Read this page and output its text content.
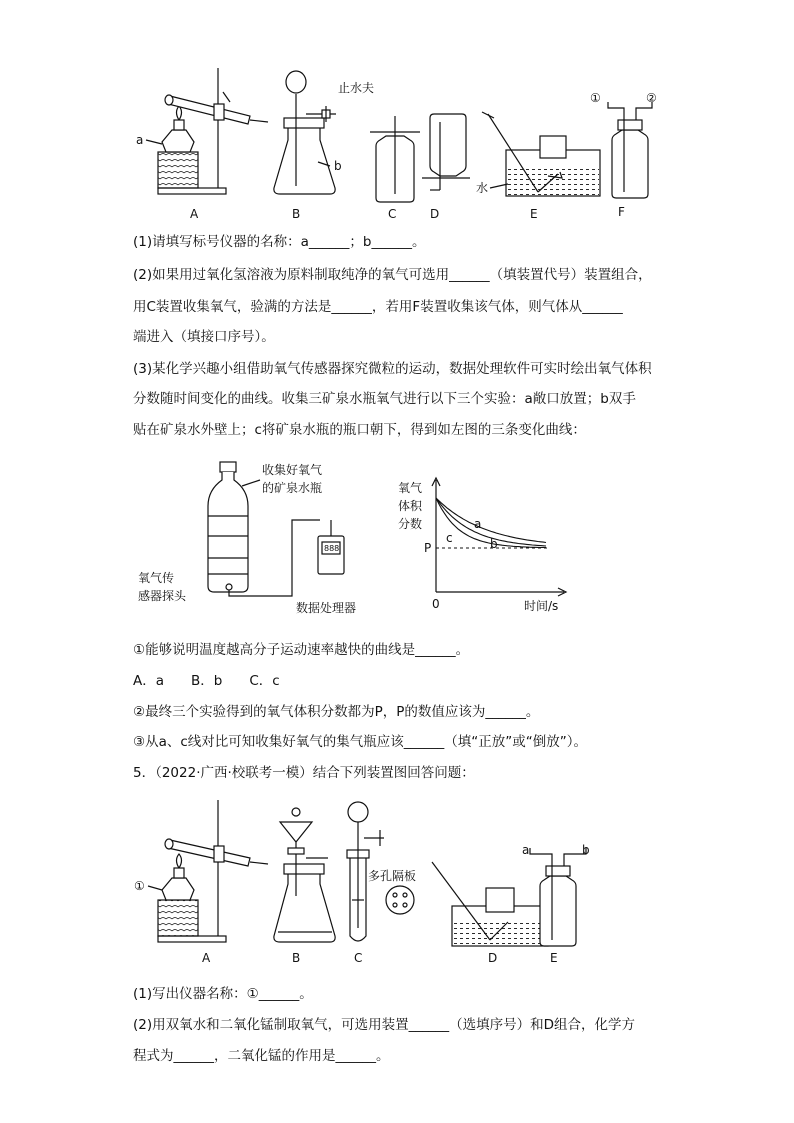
a
止水夫
b
水
①	②
A	B	C	D	E	F
(1)请填写标号仪器的名称：a______；b______。
(2)如果用过氧化氢溶液为原料制取纯净的氧气可选用______（填装置代号）装置组合，
用C装置收集氧气，验满的方法是______，若用F装置收集该气体，则气体从______
端进入（填接口序号）。
(3)某化学兴趣小组借助氧气传感器探究微粒的运动，数据处理软件可实时绘出氧气体积
分数随时间变化的曲线。收集三矿泉水瓶氧气进行以下三个实验：a敞口放置；b双手
贴在矿泉水外壁上；c将矿泉水瓶的瓶口朝下，得到如左图的三条变化曲线：
888
收集好氧气
的矿泉水瓶
氧气传
感器探头
数据处理器
氧气
体积
分数
P
0	时间/s
a
b
c
①能够说明温度越高分子运动速率越快的曲线是______。
A．a　　B．b　　C．c
②最终三个实验得到的氧气体积分数都为P，P的数值应该为______。
③从a、c线对比可知收集好氧气的集气瓶应该______（填“正放”或“倒放”）。
5．（2022·广西·校联考一模）结合下列装置图回答问题：
①
多孔隔板
a	b
A	B	C	D	E
(1)写出仪器名称：①______。
(2)用双氧水和二氧化锰制取氧气，可选用装置______（选填序号）和D组合，化学方
程式为______，二氧化锰的作用是______。
